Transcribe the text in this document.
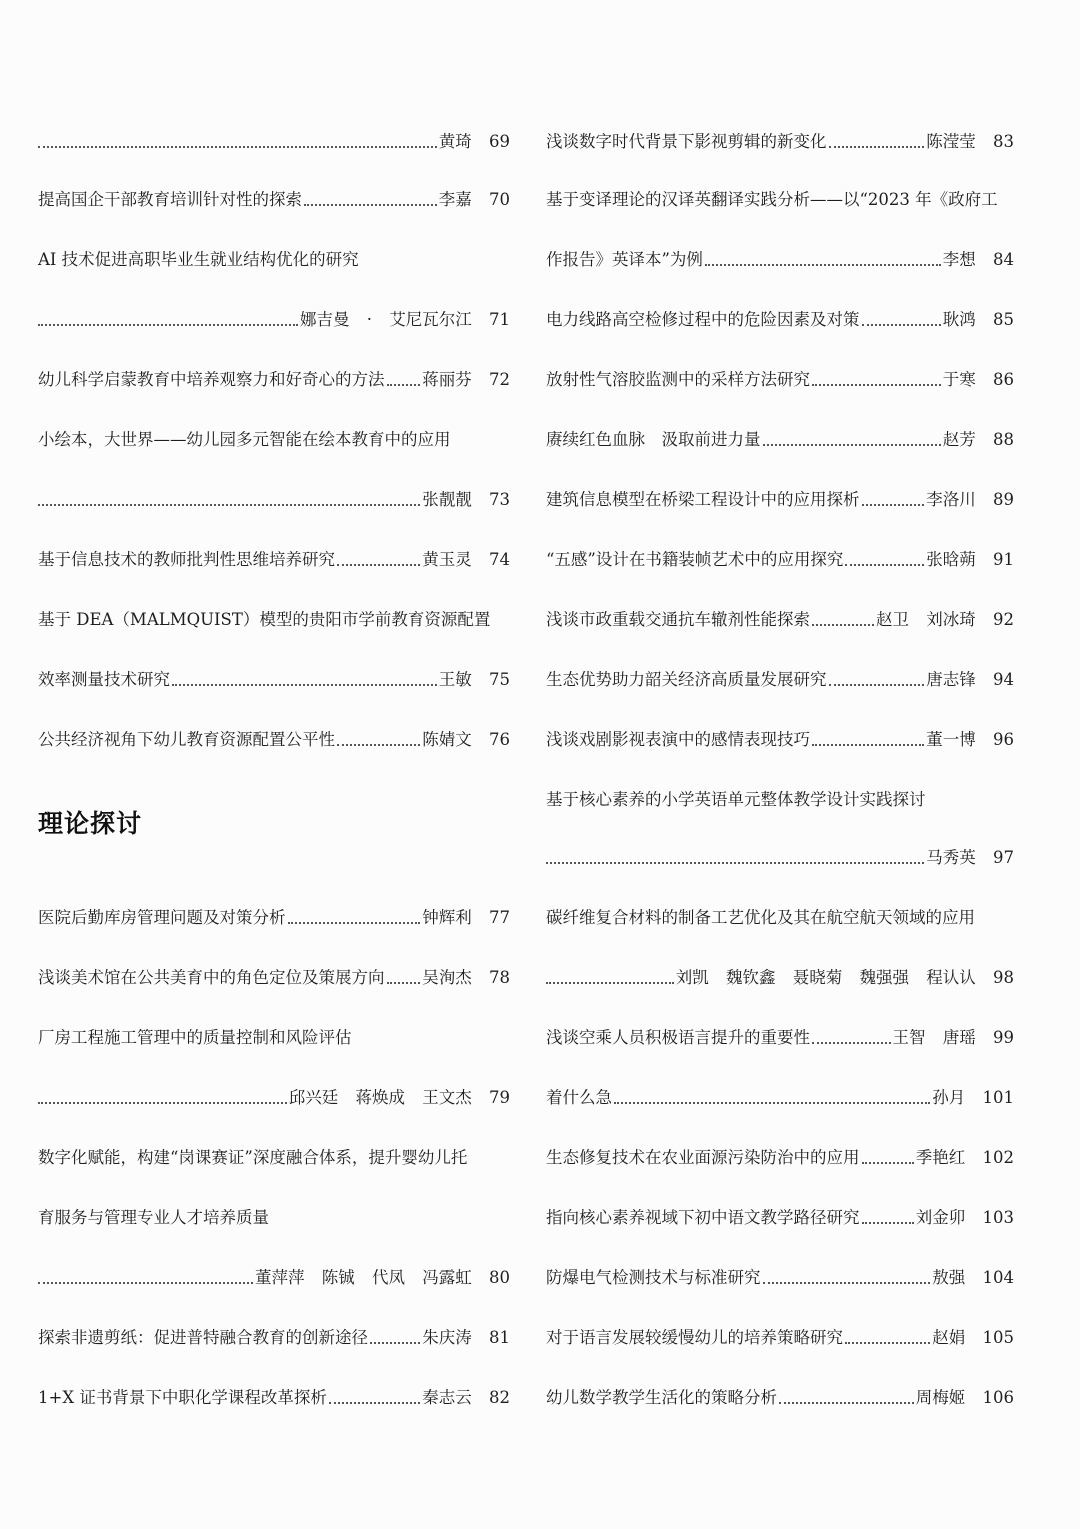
黄琦 69
提高国企干部教育培训针对性的探索	李嘉 70
AI 技术促进高职毕业生就业结构优化的研究
娜吉曼 · 艾尼瓦尔江 71
幼儿科学启蒙教育中培养观察力和好奇心的方法 蒋丽芬 72
小绘本，大世界——幼儿园多元智能在绘本教育中的应用
张靓靓 73
基于信息技术的教师批判性思维培养研究	黄玉灵 74
基于 DEA（MALMQUIST）模型的贵阳市学前教育资源配置
效率测量技术研究	王敏 75
公共经济视角下幼儿教育资源配置公平性	陈婧文 76
医院后勤库房管理问题及对策分析	钟辉利 77
浅谈美术馆在公共美育中的角色定位及策展方向 吴洵杰 78
厂房工程施工管理中的质量控制和风险评估
邱兴廷 蒋焕成 王文杰 79
数字化赋能，构建“岗课赛证”深度融合体系，提升婴幼儿托
育服务与管理专业人才培养质量
董萍萍 陈铖 代凤 冯露虹 80
探索非遗剪纸：促进普特融合教育的创新途径	朱庆涛 81
1+X 证书背景下中职化学课程改革探析	秦志云 82
浅谈数字时代背景下影视剪辑的新变化	陈滢莹 83
基于变译理论的汉译英翻译实践分析——以“2023 年《政府工
作报告》英译本”为例	李想 84
电力线路高空检修过程中的危险因素及对策	耿鸿 85
放射性气溶胶监测中的采样方法研究	于寒 86
赓续红色血脉　汲取前进力量	赵芳 88
建筑信息模型在桥梁工程设计中的应用探析	李洛川 89
“五感”设计在书籍装帧艺术中的应用探究	张晗蒴 91
浅谈市政重载交通抗车辙剂性能探索	赵卫 刘冰琦 92
生态优势助力韶关经济高质量发展研究	唐志锋 94
浅谈戏剧影视表演中的感情表现技巧	董一博 96
基于核心素养的小学英语单元整体教学设计实践探讨
马秀英 97
碳纤维复合材料的制备工艺优化及其在航空航天领域的应用
刘凯 魏钦鑫 聂晓菊 魏强强 程认认 98
浅谈空乘人员积极语言提升的重要性	王智 唐瑶 99
着什么急	孙月 101
生态修复技术在农业面源污染防治中的应用	季艳红 102
指向核心素养视域下初中语文教学路径研究	刘金卯 103
防爆电气检测技术与标准研究	敖强 104
对于语言发展较缓慢幼儿的培养策略研究	赵娟 105
幼儿数学教学生活化的策略分析	周梅姬 106
理论探讨
